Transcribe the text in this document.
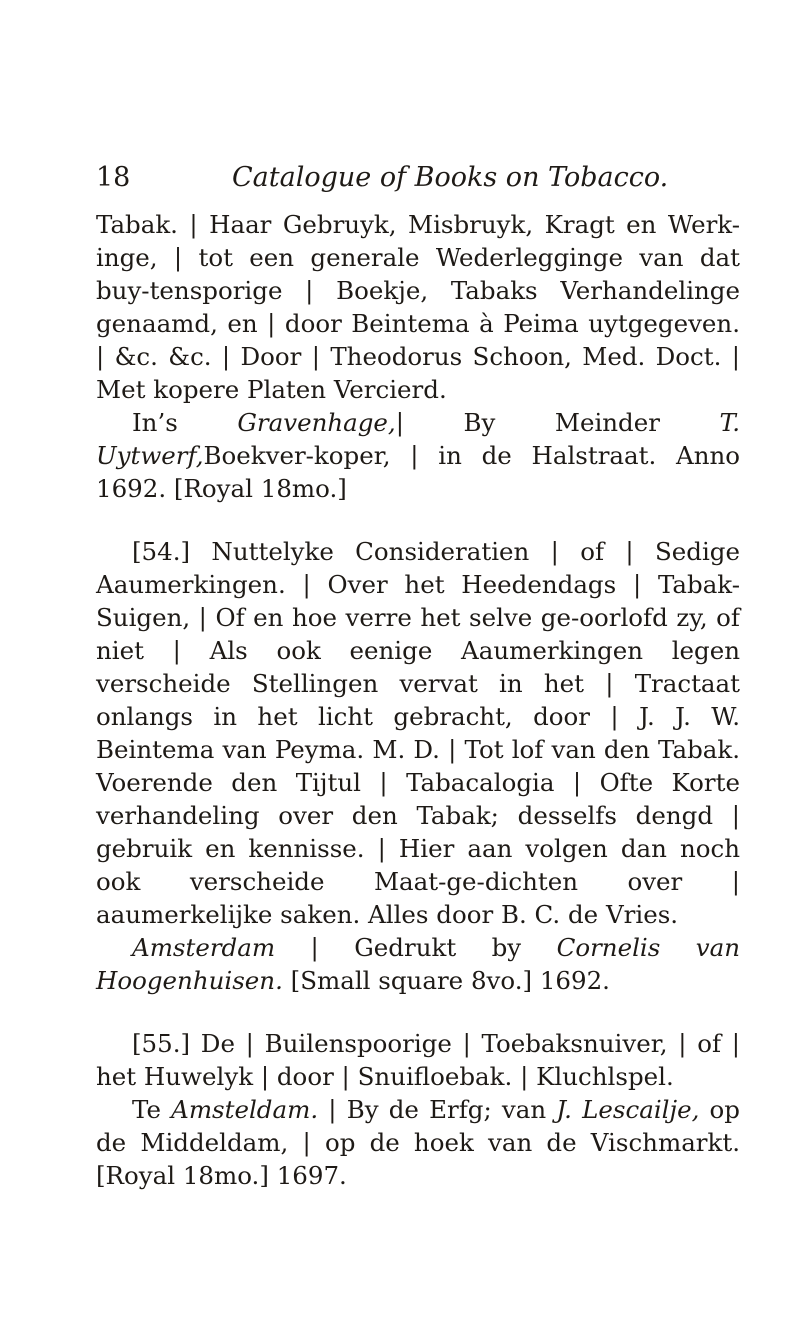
18	Catalogue of Books on Tobacco.

Tabak. | Haar Gebruyk, Misbruyk, Kragt en Werk-inge, | tot een generale Wederlegginge van dat buy-tensporige | Boekje, Tabaks Verhandelinge genaamd, en | door Beintema à Peima uytgegeven. | &c. &c. | Door | Theodorus Schoon, Med. Doct. | Met kopere Platen Vercierd.

In’s Gravenhage,| By Meinder T. Uytwerf,Boekver-koper, | in de Halstraat. Anno 1692. [Royal 18mo.]

[54.] Nuttelyke Consideratien | of | Sedige Aaumerkingen. | Over het Heedendags | Tabak-Suigen, | Of en hoe verre het selve ge-oorlofd zy, of niet | Als ook eenige Aaumerkingen legen verscheide Stellingen vervat in het | Tractaat onlangs in het licht gebracht, door | J. J. W. Beintema van Peyma. M. D. | Tot lof van den Tabak. Voerende den Tijtul | Tabacalogia | Ofte Korte verhandeling over den Tabak; desselfs dengd | gebruik en kennisse. | Hier aan volgen dan noch ook verscheide Maat-ge-dichten over | aaumerkelijke saken. Alles door B. C. de Vries.

Amsterdam | Gedrukt by Cornelis van Hoogenhuisen. [Small square 8vo.] 1692.

[55.] De | Builenspoorige | Toebaksnuiver, | of | het Huwelyk | door | Snuifloebak. | Kluchlspel.

Te Amsteldam. | By de Erfg; van J. Lescailje, op de Middeldam, | op de hoek van de Vischmarkt. [Royal 18mo.] 1697.
